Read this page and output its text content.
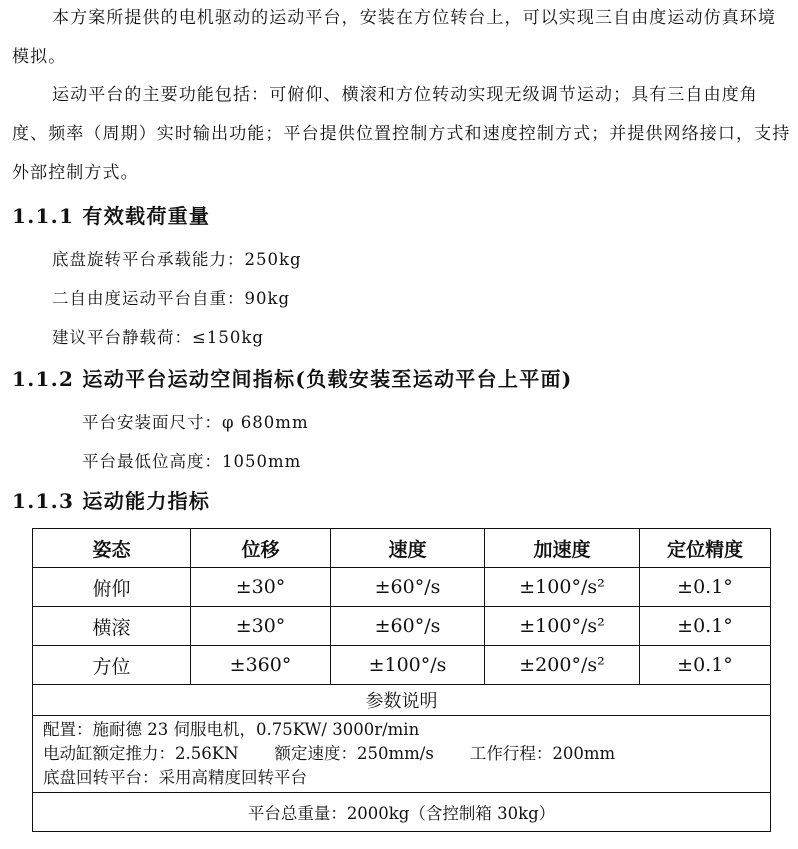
本方案所提供的电机驱动的运动平台，安装在方位转台上，可以实现三自由度运动仿真环境模拟。

运动平台的主要功能包括：可俯仰、横滚和方位转动实现无级调节运动；具有三自由度角度、频率（周期）实时输出功能；平台提供位置控制方式和速度控制方式；并提供网络接口，支持外部控制方式。

1.1.1 有效载荷重量

底盘旋转平台承载能力：250kg

二自由度运动平台自重：90kg

建议平台静载荷：≤150kg

1.1.2 运动平台运动空间指标(负载安装至运动平台上平面)

平台安装面尺寸：φ 680mm

平台最低位高度：1050mm

1.1.3 运动能力指标
姿态	位移	速度	加速度	定位精度
俯仰	±30°	±60°/s	±100°/s²	±0.1°
横滚	±30°	±60°/s	±100°/s²	±0.1°
方位	±360°	±100°/s	±200°/s²	±0.1°
参数说明				

配置：施耐德 23 伺服电机，0.75KW/ 3000r/min
电动缸额定推力：2.56KN 额定速度：250mm/s 工作行程：200mm
底盘回转平台：采用高精度回转平台				

平台总重量：2000kg（含控制箱 30kg）				
